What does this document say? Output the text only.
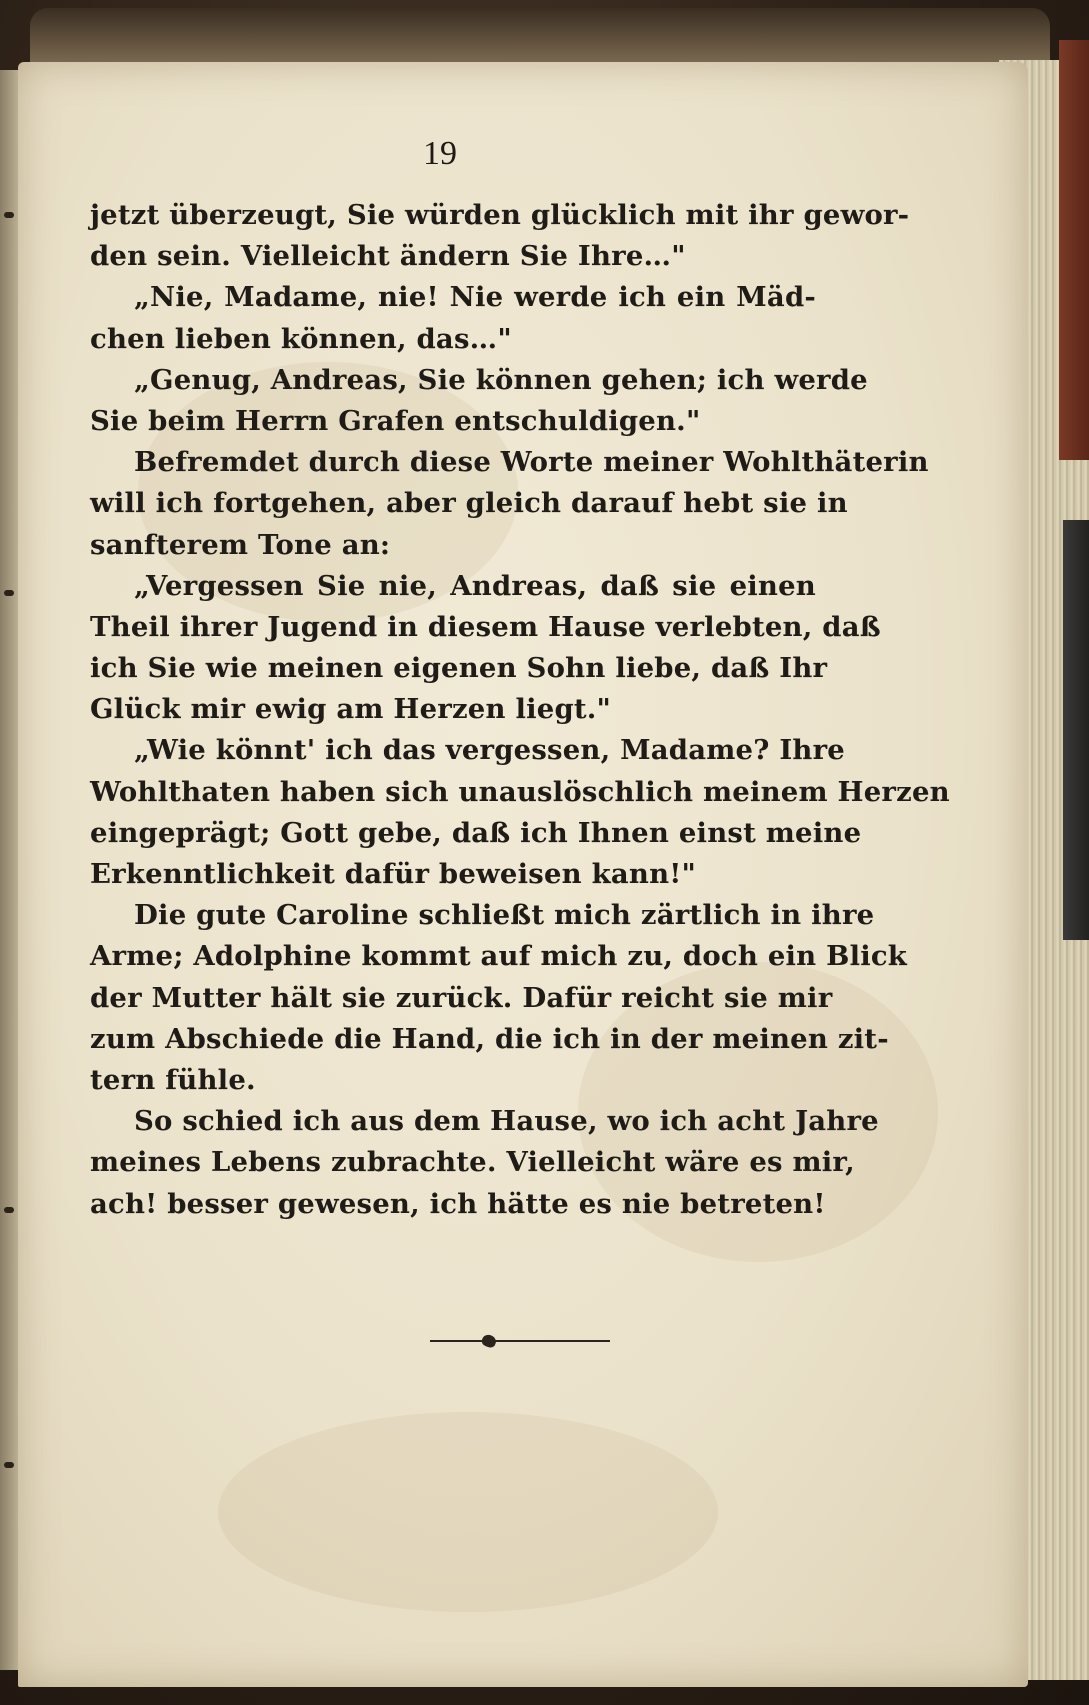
19
jetzt überzeugt, Sie würden glücklich mit ihr gewor-
den sein. Vielleicht ändern Sie Ihre…"
„Nie, Madame, nie! Nie werde ich ein Mäd-
chen lieben können, das…"
„Genug, Andreas, Sie können gehen; ich werde
Sie beim Herrn Grafen entschuldigen."
Befremdet durch diese Worte meiner Wohlthäterin
will ich fortgehen, aber gleich darauf hebt sie in
sanfterem Tone an:
„Vergessen Sie nie, Andreas, daß sie einen
Theil ihrer Jugend in diesem Hause verlebten, daß
ich Sie wie meinen eigenen Sohn liebe, daß Ihr
Glück mir ewig am Herzen liegt."
„Wie könnt' ich das vergessen, Madame? Ihre
Wohlthaten haben sich unauslöschlich meinem Herzen
eingeprägt; Gott gebe, daß ich Ihnen einst meine
Erkenntlichkeit dafür beweisen kann!"
Die gute Caroline schließt mich zärtlich in ihre
Arme; Adolphine kommt auf mich zu, doch ein Blick
der Mutter hält sie zurück. Dafür reicht sie mir
zum Abschiede die Hand, die ich in der meinen zit-
tern fühle.
So schied ich aus dem Hause, wo ich acht Jahre
meines Lebens zubrachte. Vielleicht wäre es mir,
ach! besser gewesen, ich hätte es nie betreten!
